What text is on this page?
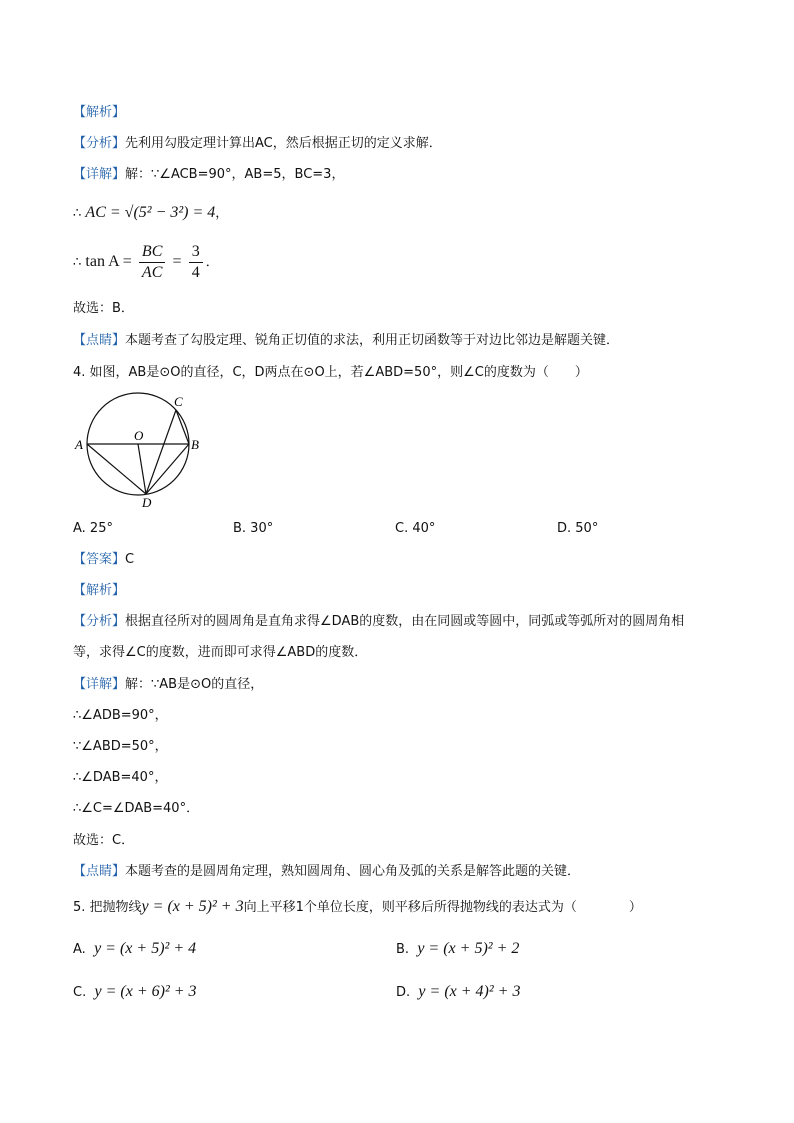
【解析】
【分析】先利用勾股定理计算出AC，然后根据正切的定义求解．
【详解】解：∵∠ACB=90°，AB=5，BC=3，
∴ AC = √(5² − 3²) = 4，
∴ $\tan A = \frac{BC}{AC} = \frac{3}{4}$ ．
故选：B．
【点睛】本题考查了勾股定理、锐角正切值的求法，利用正切函数等于对边比邻边是解题关键．
4. 如图，AB是⊙O的直径，C，D两点在⊙O上，若∠ABD=50°，则∠C的度数为（　　）
A	B
C
D
O
A. 25°	B. 30°	C. 40°	D. 50°
【答案】C
【解析】
【分析】根据直径所对的圆周角是直角求得∠DAB的度数，由在同圆或等圆中，同弧或等弧所对的圆周角相
等，求得∠C的度数，进而即可求得∠ABD的度数．
【详解】解：∵AB是⊙O的直径，
∴∠ADB=90°，
∵∠ABD=50°，
∴∠DAB=40°，
∴∠C=∠DAB=40°．
故选：C．
【点睛】本题考查的是圆周角定理，熟知圆周角、圆心角及弧的关系是解答此题的关键．
5. 把抛物线y = (x + 5)² + 3向上平移1个单位长度，则平移后所得抛物线的表达式为（　　　　）
A. y = (x + 5)² + 4	B. y = (x + 5)² + 2
C. y = (x + 6)² + 3	D. y = (x + 4)² + 3
